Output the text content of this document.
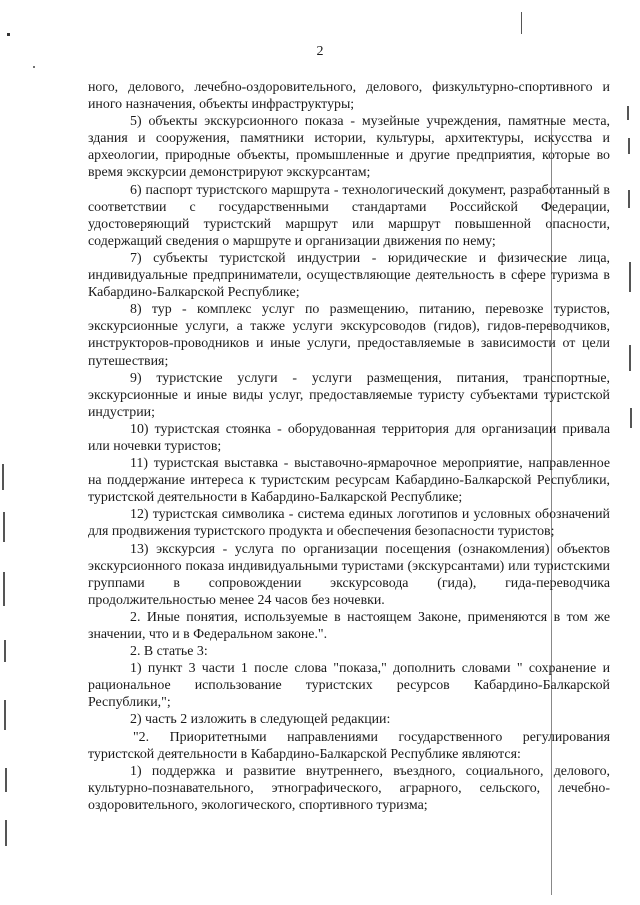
2

ного, делового, лечебно-оздоровительного, делового, физкультурно-спортивного и иного назначения, объекты инфраструктуры;

5) объекты экскурсионного показа - музейные учреждения, памятные места, здания и сооружения, памятники истории, культуры, архитектуры, искусства и археологии, природные объекты, промышленные и другие предприятия, которые во время экскурсии демонстрируют экскурсантам;

6) паспорт туристского маршрута - технологический документ, разработанный в соответствии с государственными стандартами Российской Федерации, удостоверяющий туристский маршрут или маршрут повышенной опасности, содержащий сведения о маршруте и организации движения по нему;

7) субъекты туристской индустрии - юридические и физические лица, индивидуальные предприниматели, осуществляющие деятельность в сфере туризма в Кабардино-Балкарской Республике;

8) тур - комплекс услуг по размещению, питанию, перевозке туристов, экскурсионные услуги, а также услуги экскурсоводов (гидов), гидов-переводчиков, инструкторов-проводников и иные услуги, предоставляемые в зависимости от цели путешествия;

9) туристские услуги - услуги размещения, питания, транспортные, экскурсионные и иные виды услуг, предоставляемые туристу субъектами туристской индустрии;

10) туристская стоянка - оборудованная территория для организации привала или ночевки туристов;

11) туристская выставка - выставочно-ярмарочное мероприятие, направленное на поддержание интереса к туристским ресурсам Кабардино-Балкарской Республики, туристской деятельности в Кабардино-Балкарской Республике;

12) туристская символика - система единых логотипов и условных обозначений для продвижения туристского продукта и обеспечения безопасности туристов;

13) экскурсия - услуга по организации посещения (ознакомления) объектов экскурсионного показа индивидуальными туристами (экскурсантами) или туристскими группами в сопровождении экскурсовода (гида), гида-переводчика продолжительностью менее 24 часов без ночевки.

2. Иные понятия, используемые в настоящем Законе, применяются в том же значении, что и в Федеральном законе.".

2. В статье 3:

1) пункт 3 части 1 после слова "показа," дополнить словами " сохранение и рациональное использование туристских ресурсов Кабардино-Балкарской Республики,";

2) часть 2 изложить в следующей редакции:

"2. Приоритетными направлениями государственного регулирования туристской деятельности в Кабардино-Балкарской Республике являются:

1) поддержка и развитие внутреннего, въездного, социального, делового, культурно-познавательного, этнографического, аграрного, сельского, лечебно-оздоровительного, экологического, спортивного туризма;
